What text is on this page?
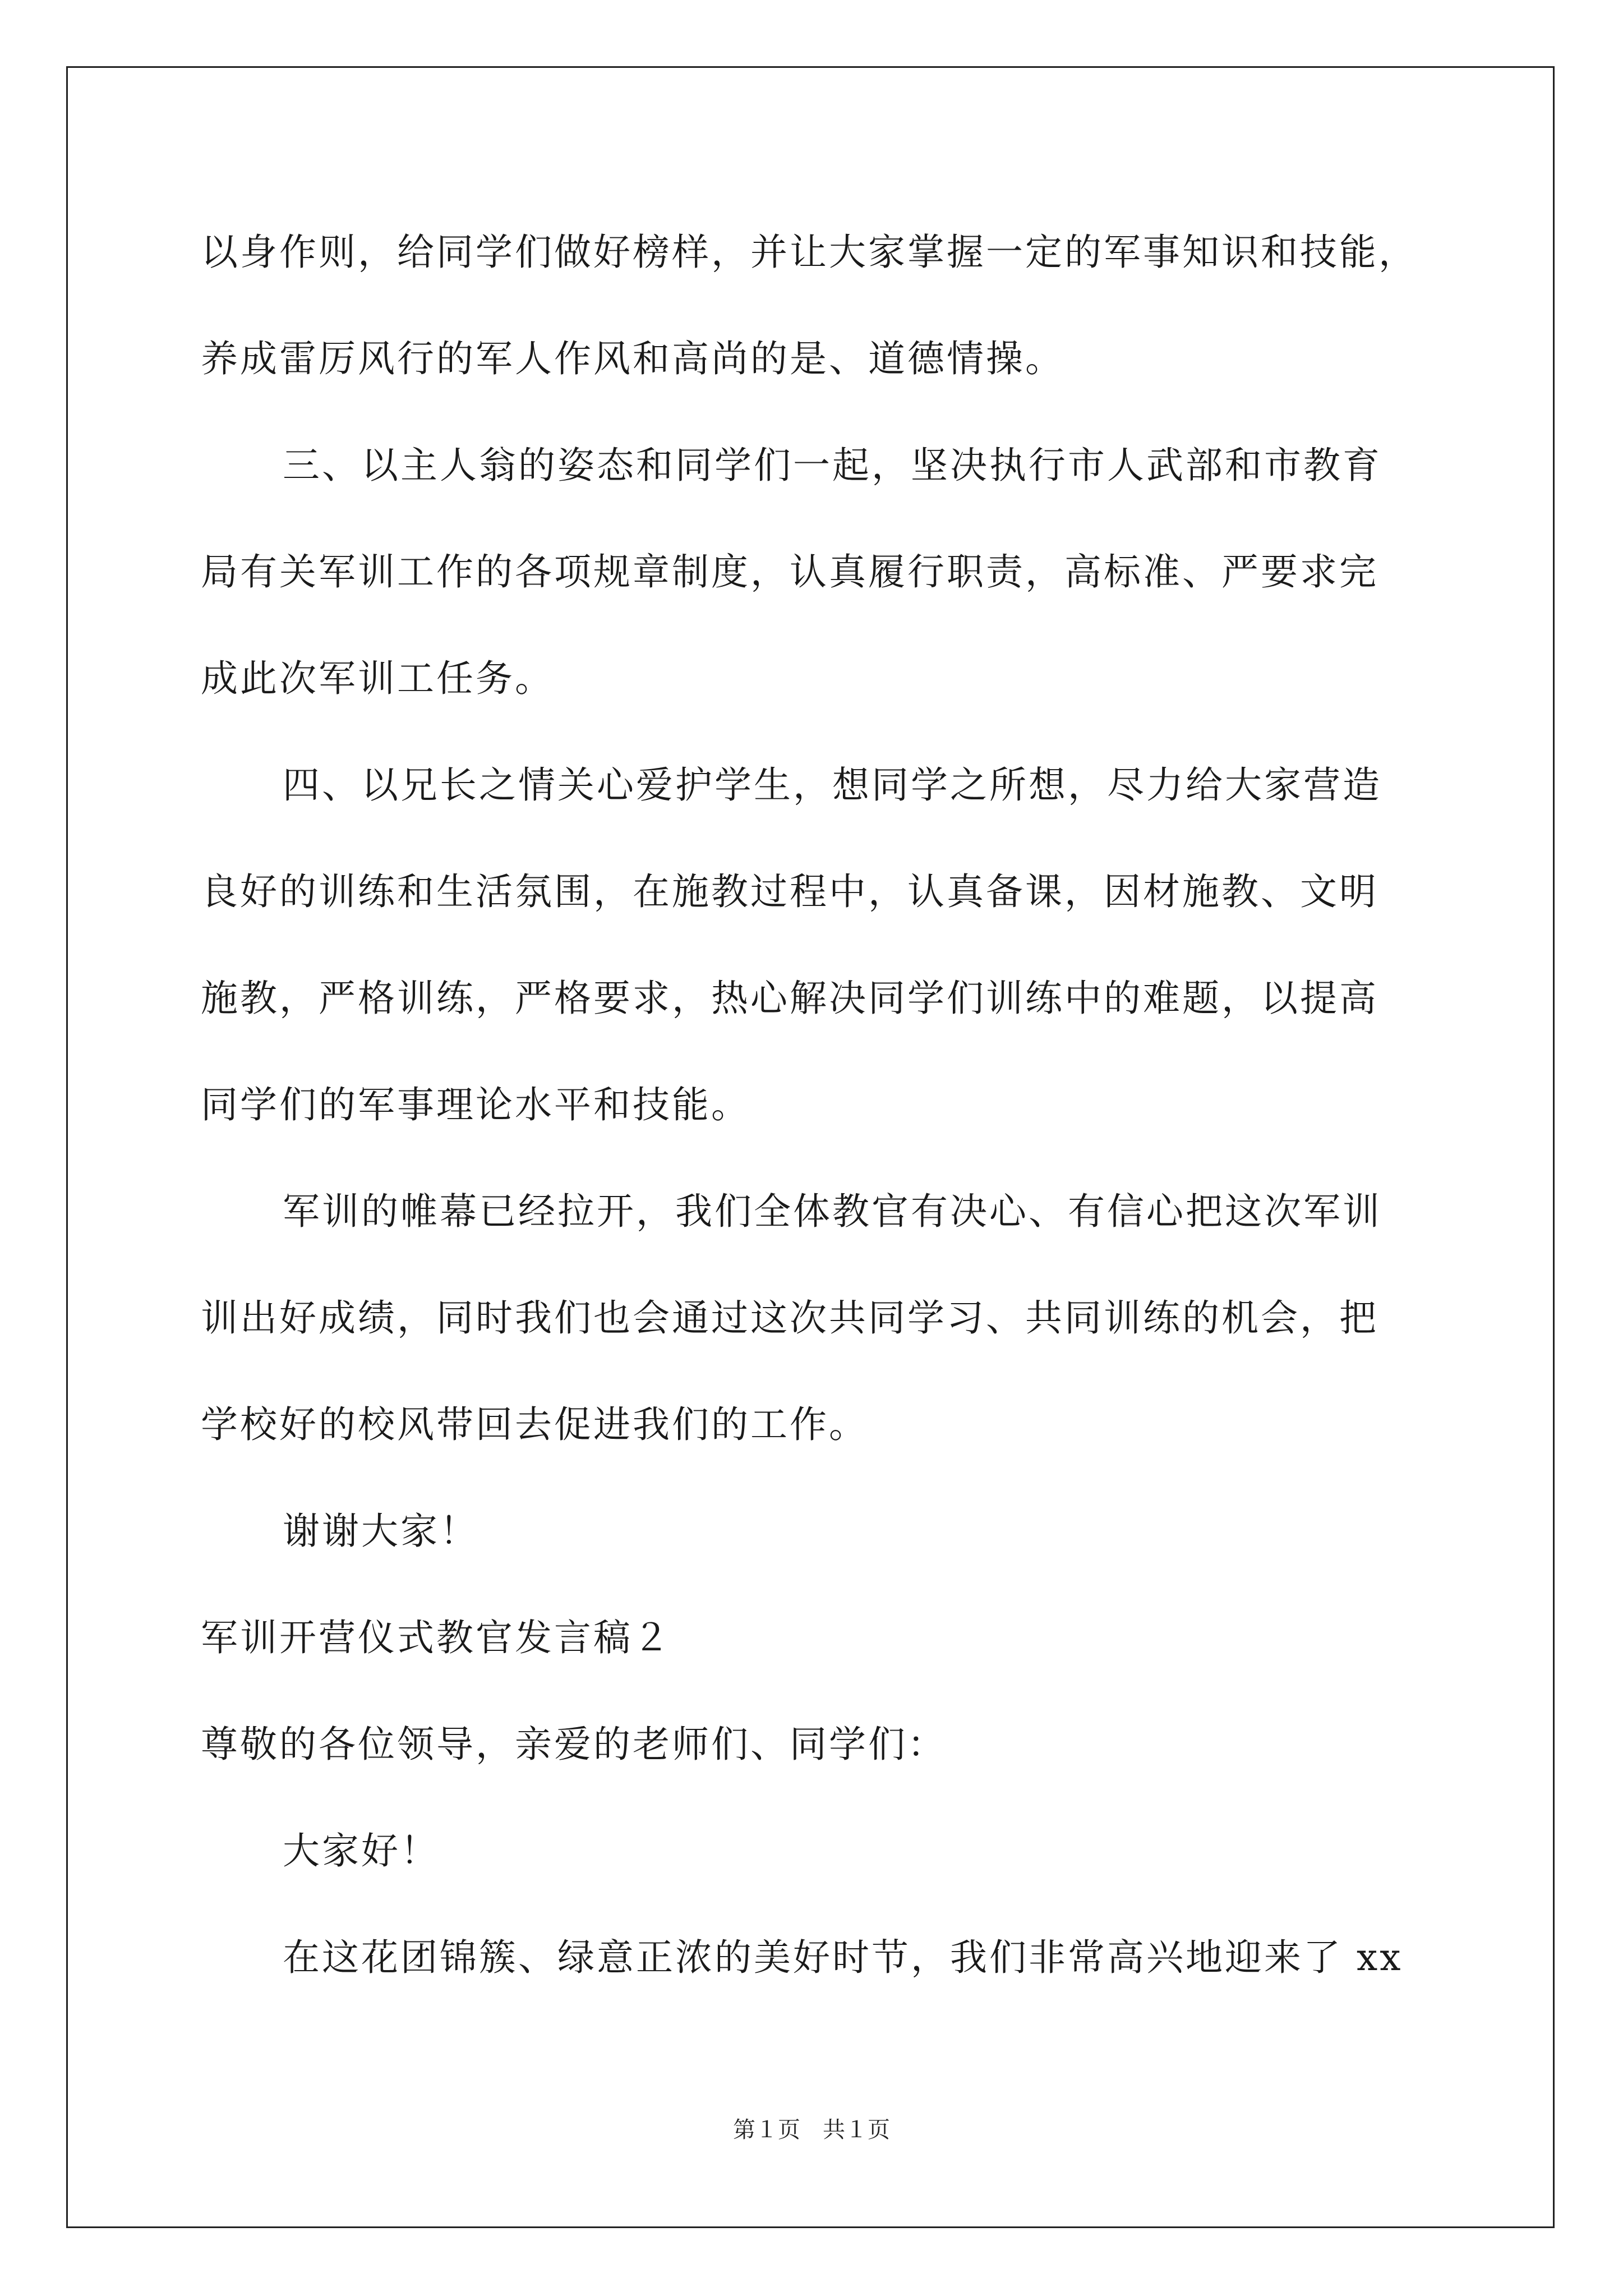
以身作则，给同学们做好榜样，并让大家掌握一定的军事知识和技能，
养成雷厉风行的军人作风和高尚的是、道德情操。
三、以主人翁的姿态和同学们一起，坚决执行市人武部和市教育
局有关军训工作的各项规章制度，认真履行职责，高标准、严要求完
成此次军训工任务。
四、以兄长之情关心爱护学生，想同学之所想，尽力给大家营造
良好的训练和生活氛围，在施教过程中，认真备课，因材施教、文明
施教，严格训练，严格要求，热心解决同学们训练中的难题，以提高
同学们的军事理论水平和技能。
军训的帷幕已经拉开，我们全体教官有决心、有信心把这次军训
训出好成绩，同时我们也会通过这次共同学习、共同训练的机会，把
学校好的校风带回去促进我们的工作。
谢谢大家！
军训开营仪式教官发言稿２
尊敬的各位领导，亲爱的老师们、同学们：
大家好！
在这花团锦簇、绿意正浓的美好时节，我们非常高兴地迎来了 xx
第１页　共１页
